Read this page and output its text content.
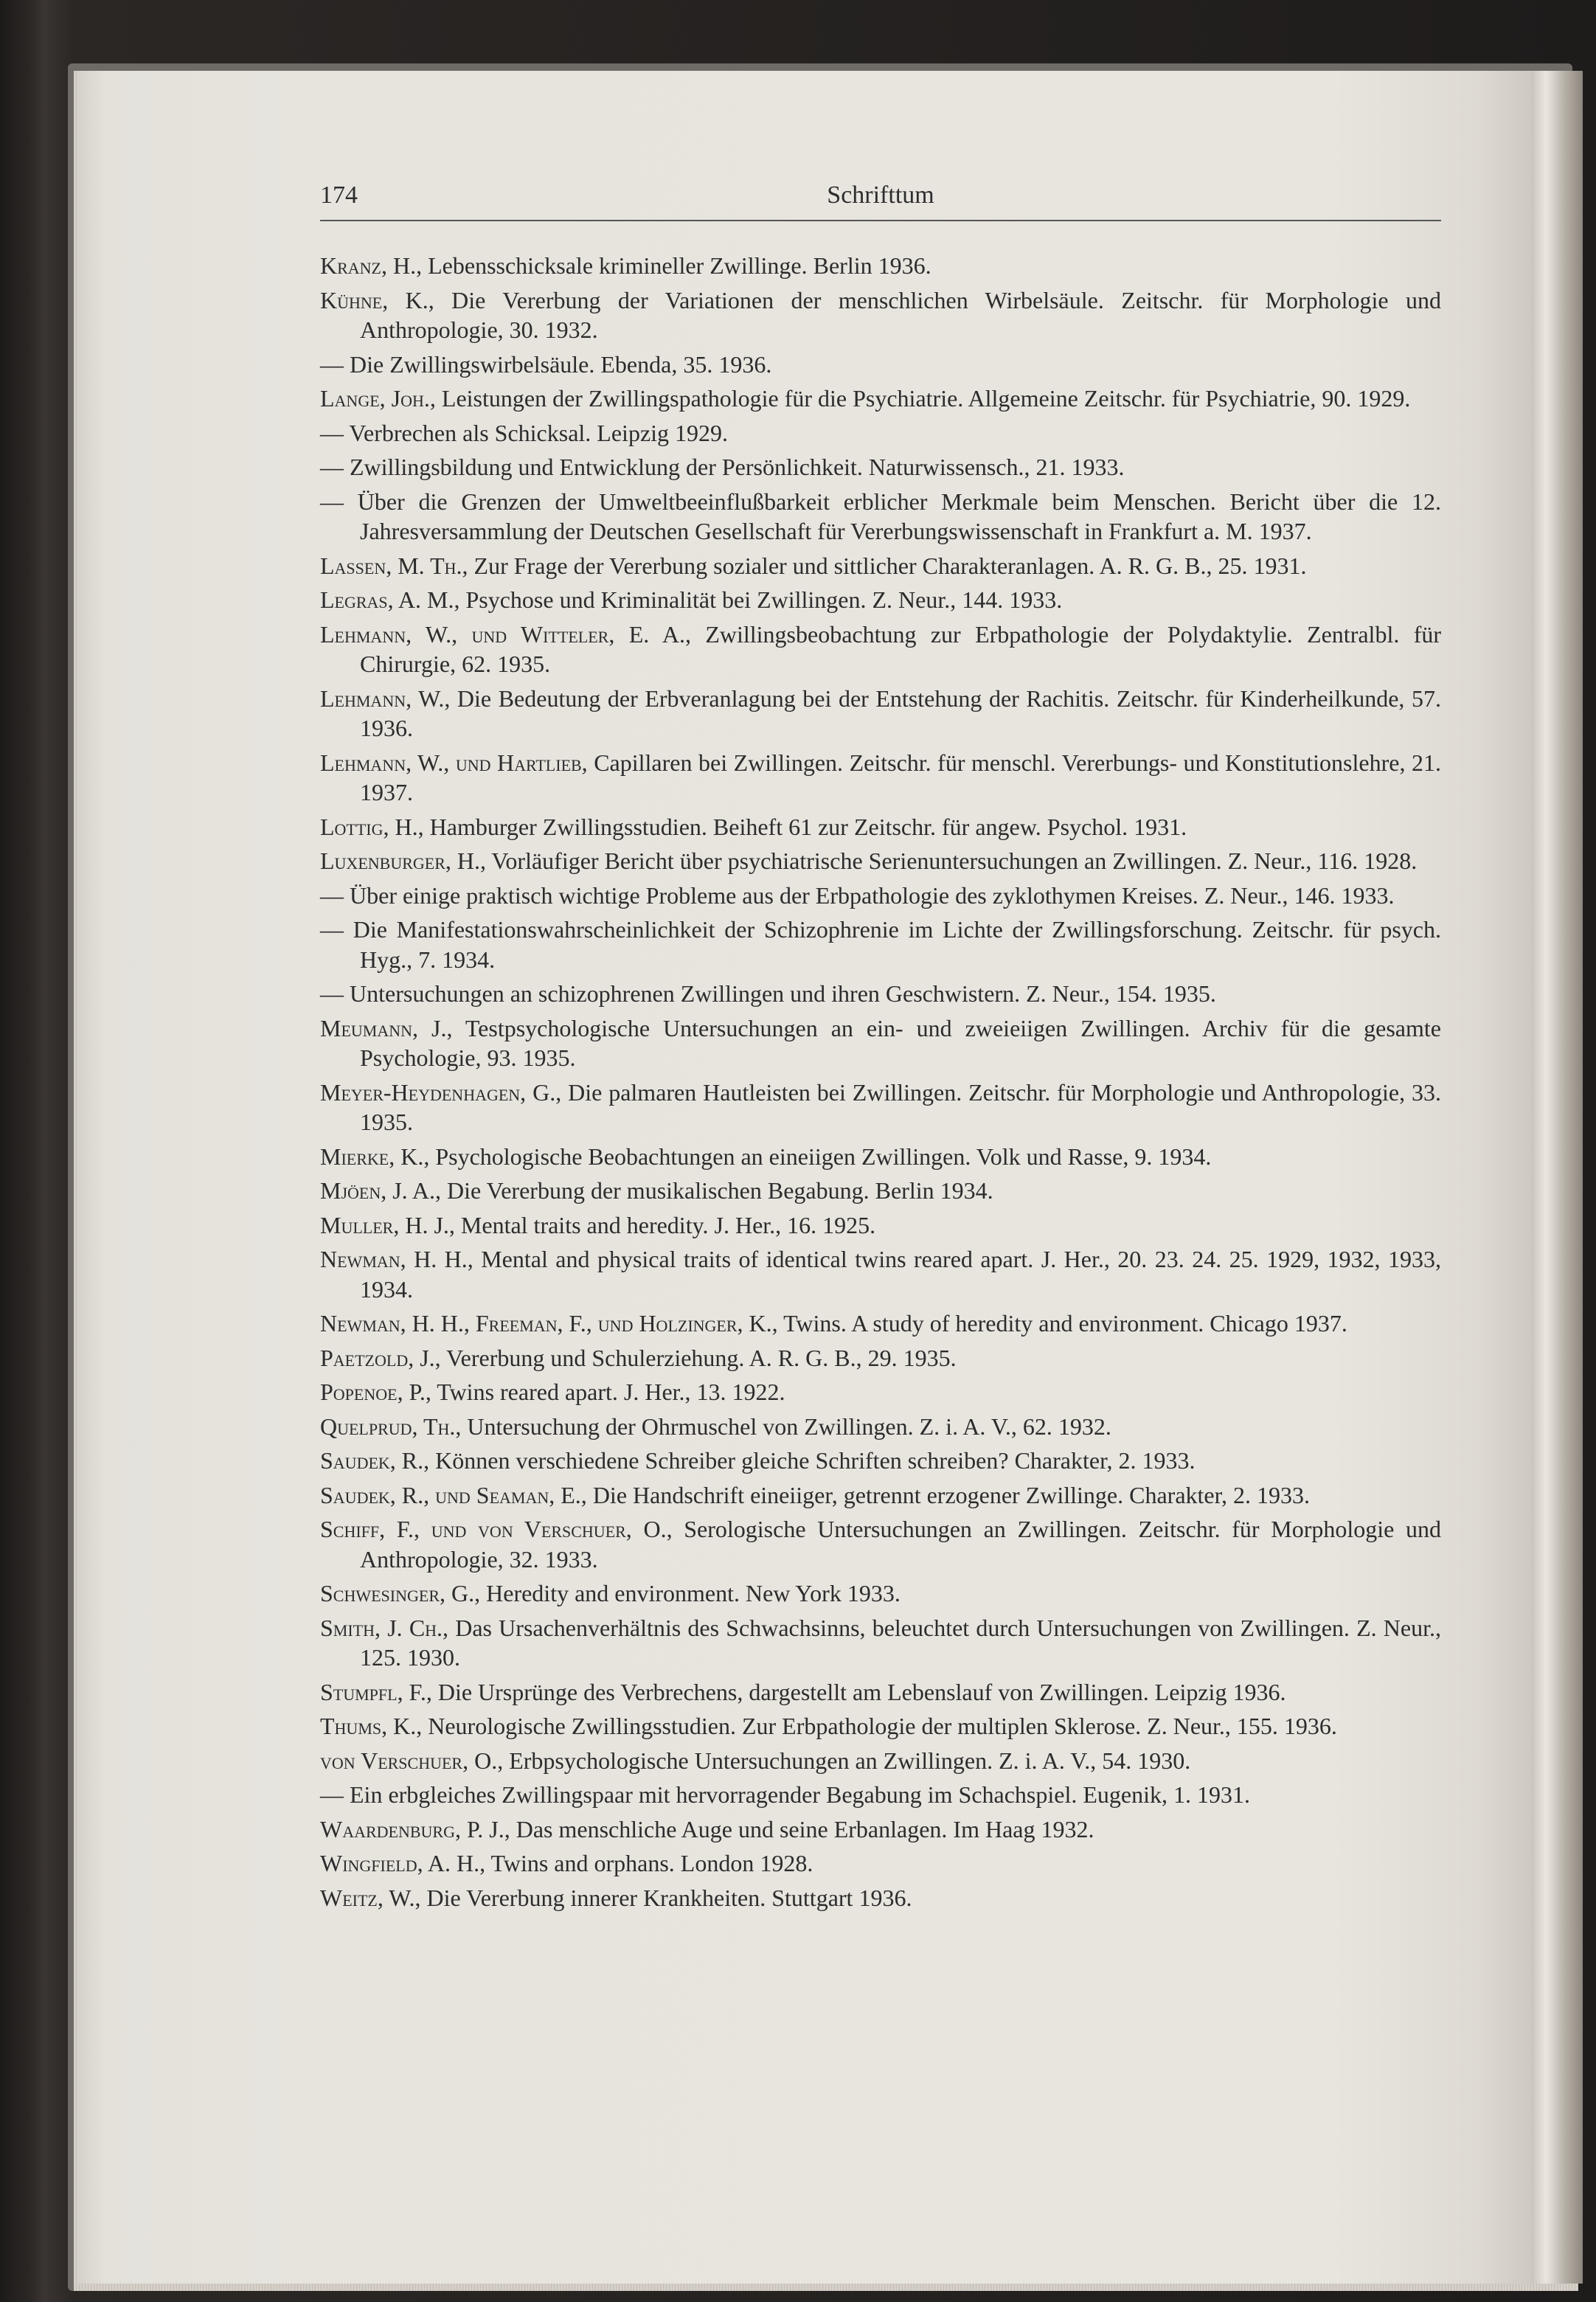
174	Schrifttum
Kranz, H., Lebensschicksale krimineller Zwillinge. Berlin 1936.
Kühne, K., Die Vererbung der Variationen der menschlichen Wirbelsäule. Zeitschr. für Morphologie und Anthropologie, 30. 1932.
— Die Zwillingswirbelsäule. Ebenda, 35. 1936.
Lange, Joh., Leistungen der Zwillingspathologie für die Psychiatrie. Allgemeine Zeitschr. für Psychiatrie, 90. 1929.
— Verbrechen als Schicksal. Leipzig 1929.
— Zwillingsbildung und Entwicklung der Persönlichkeit. Naturwissensch., 21. 1933.
— Über die Grenzen der Umweltbeeinflußbarkeit erblicher Merkmale beim Menschen. Bericht über die 12. Jahresversammlung der Deutschen Gesellschaft für Vererbungswissenschaft in Frankfurt a. M. 1937.
Lassen, M. Th., Zur Frage der Vererbung sozialer und sittlicher Charakteranlagen. A. R. G. B., 25. 1931.
Legras, A. M., Psychose und Kriminalität bei Zwillingen. Z. Neur., 144. 1933.
Lehmann, W., und Witteler, E. A., Zwillingsbeobachtung zur Erbpathologie der Polydaktylie. Zentralbl. für Chirurgie, 62. 1935.
Lehmann, W., Die Bedeutung der Erbveranlagung bei der Entstehung der Rachitis. Zeitschr. für Kinderheilkunde, 57. 1936.
Lehmann, W., und Hartlieb, Capillaren bei Zwillingen. Zeitschr. für menschl. Vererbungs- und Konstitutionslehre, 21. 1937.
Lottig, H., Hamburger Zwillingsstudien. Beiheft 61 zur Zeitschr. für angew. Psychol. 1931.
Luxenburger, H., Vorläufiger Bericht über psychiatrische Serienuntersuchungen an Zwillingen. Z. Neur., 116. 1928.
— Über einige praktisch wichtige Probleme aus der Erbpathologie des zyklothymen Kreises. Z. Neur., 146. 1933.
— Die Manifestationswahrscheinlichkeit der Schizophrenie im Lichte der Zwillingsforschung. Zeitschr. für psych. Hyg., 7. 1934.
— Untersuchungen an schizophrenen Zwillingen und ihren Geschwistern. Z. Neur., 154. 1935.
Meumann, J., Testpsychologische Untersuchungen an ein- und zweieiigen Zwillingen. Archiv für die gesamte Psychologie, 93. 1935.
Meyer-Heydenhagen, G., Die palmaren Hautleisten bei Zwillingen. Zeitschr. für Morphologie und Anthropologie, 33. 1935.
Mierke, K., Psychologische Beobachtungen an eineiigen Zwillingen. Volk und Rasse, 9. 1934.
Mjöen, J. A., Die Vererbung der musikalischen Begabung. Berlin 1934.
Muller, H. J., Mental traits and heredity. J. Her., 16. 1925.
Newman, H. H., Mental and physical traits of identical twins reared apart. J. Her., 20. 23. 24. 25. 1929, 1932, 1933, 1934.
Newman, H. H., Freeman, F., und Holzinger, K., Twins. A study of heredity and environment. Chicago 1937.
Paetzold, J., Vererbung und Schulerziehung. A. R. G. B., 29. 1935.
Popenoe, P., Twins reared apart. J. Her., 13. 1922.
Quelprud, Th., Untersuchung der Ohrmuschel von Zwillingen. Z. i. A. V., 62. 1932.
Saudek, R., Können verschiedene Schreiber gleiche Schriften schreiben? Charakter, 2. 1933.
Saudek, R., und Seaman, E., Die Handschrift eineiiger, getrennt erzogener Zwillinge. Charakter, 2. 1933.
Schiff, F., und von Verschuer, O., Serologische Untersuchungen an Zwillingen. Zeitschr. für Morphologie und Anthropologie, 32. 1933.
Schwesinger, G., Heredity and environment. New York 1933.
Smith, J. Ch., Das Ursachenverhältnis des Schwachsinns, beleuchtet durch Untersuchungen von Zwillingen. Z. Neur., 125. 1930.
Stumpfl, F., Die Ursprünge des Verbrechens, dargestellt am Lebenslauf von Zwillingen. Leipzig 1936.
Thums, K., Neurologische Zwillingsstudien. Zur Erbpathologie der multiplen Sklerose. Z. Neur., 155. 1936.
von Verschuer, O., Erbpsychologische Untersuchungen an Zwillingen. Z. i. A. V., 54. 1930.
— Ein erbgleiches Zwillingspaar mit hervorragender Begabung im Schachspiel. Eugenik, 1. 1931.
Waardenburg, P. J., Das menschliche Auge und seine Erbanlagen. Im Haag 1932.
Wingfield, A. H., Twins and orphans. London 1928.
Weitz, W., Die Vererbung innerer Krankheiten. Stuttgart 1936.
